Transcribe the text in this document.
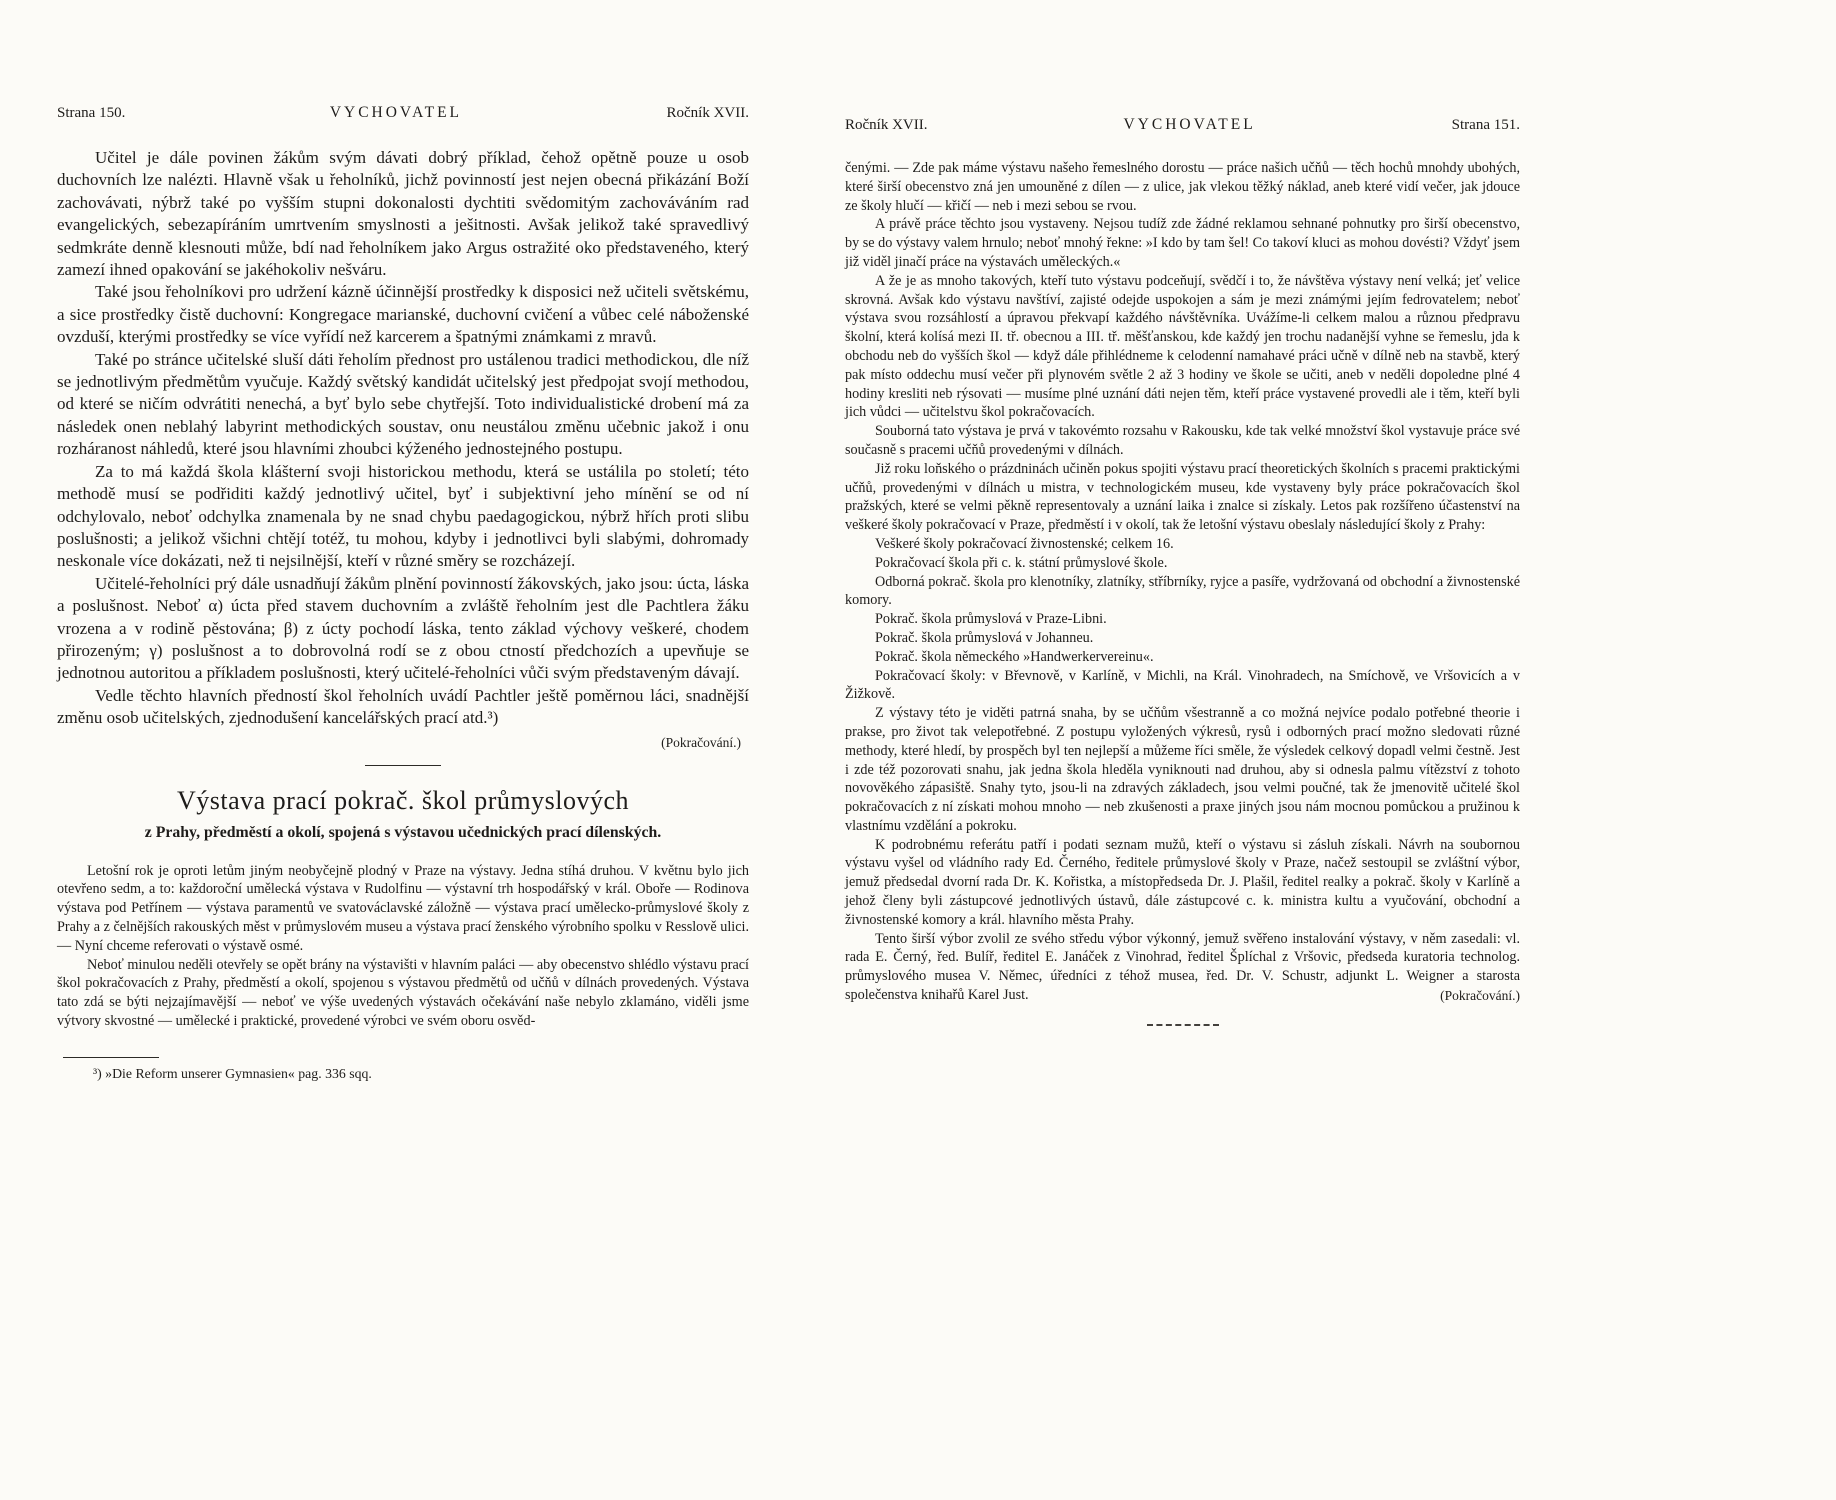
Strana 150.	VYCHOVATEL	Ročník XVII.

Učitel je dále povinen žákům svým dávati dobrý příklad, čehož opětně pouze u osob duchovních lze nalézti. Hlavně však u řeholníků, jichž povinností jest nejen obecná přikázání Boží zachovávati, nýbrž také po vyšším stupni dokonalosti dychtiti svědomitým zachováváním rad evangelických, sebezapíráním umrtvením smyslnosti a ješitnosti. Avšak jelikož také spravedlivý sedmkráte denně klesnouti může, bdí nad řeholníkem jako Argus ostražité oko představeného, který zamezí ihned opakování se jakéhokoliv nešváru.

Také jsou řeholníkovi pro udržení kázně účinnější prostředky k disposici než učiteli světskému, a sice prostředky čistě duchovní: Kongregace marianské, duchovní cvičení a vůbec celé náboženské ovzduší, kterými prostředky se více vyřídí než karcerem a špatnými známkami z mravů.

Také po stránce učitelské sluší dáti řeholím přednost pro ustálenou tradici methodickou, dle níž se jednotlivým předmětům vyučuje. Každý světský kandidát učitelský jest předpojat svojí methodou, od které se ničím odvrátiti nenechá, a byť bylo sebe chytřejší. Toto individualistické drobení má za následek onen neblahý labyrint methodických soustav, onu neustálou změnu učebnic jakož i onu rozháranost náhledů, které jsou hlavními zhoubci kýženého jednostejného postupu.

Za to má každá škola klášterní svoji historickou methodu, která se ustálila po století; této methodě musí se podřiditi každý jednotlivý učitel, byť i subjektivní jeho mínění se od ní odchylovalo, neboť odchylka znamenala by ne snad chybu paedagogickou, nýbrž hřích proti slibu poslušnosti; a jelikož všichni chtějí totéž, tu mohou, kdyby i jednotlivci byli slabými, dohromady neskonale více dokázati, než ti nejsilnější, kteří v různé směry se rozcházejí.

Učitelé-řeholníci prý dále usnadňují žákům plnění povinností žákovských, jako jsou: úcta, láska a poslušnost. Neboť α) úcta před stavem duchovním a zvláště řeholním jest dle Pachtlera žáku vrozena a v rodině pěstována; β) z úcty pochodí láska, tento základ výchovy veškeré, chodem přirozeným; γ) poslušnost a to dobrovolná rodí se z obou ctností předchozích a upevňuje se jednotnou autoritou a příkladem poslušnosti, který učitelé-řeholníci vůči svým představeným dávají.

Vedle těchto hlavních předností škol řeholních uvádí Pachtler ještě poměrnou láci, snadnější změnu osob učitelských, zjednodušení kancelářských prací atd.³)

(Pokračování.)
Výstava prací pokrač. škol průmyslových
z Prahy, předměstí a okolí, spojená s výstavou učednických prací dílenských.

Letošní rok je oproti letům jiným neobyčejně plodný v Praze na výstavy. Jedna stíhá druhou. V květnu bylo jich otevřeno sedm, a to: každoroční umělecká výstava v Rudolfinu — výstavní trh hospodářský v král. Oboře — Rodinova výstava pod Petřínem — výstava paramentů ve svatováclavské záložně — výstava prací umělecko-průmyslové školy z Prahy a z čelnějších rakouských měst v průmyslovém museu a výstava prací ženského výrobního spolku v Resslově ulici. — Nyní chceme referovati o výstavě osmé.

Neboť minulou neděli otevřely se opět brány na výstavišti v hlavním paláci — aby obecenstvo shlédlo výstavu prací škol pokračovacích z Prahy, předměstí a okolí, spojenou s výstavou předmětů od učňů v dílnách provedených. Výstava tato zdá se býti nejzajímavější — neboť ve výše uvedených výstavách očekávání naše nebylo zklamáno, viděli jsme výtvory skvostné — umělecké i praktické, provedené výrobci ve svém oboru osvěd-

³) »Die Reform unserer Gymnasien« pag. 336 sqq.
Ročník XVII.	VYCHOVATEL	Strana 151.

čenými. — Zde pak máme výstavu našeho řemeslného dorostu — práce našich učňů — těch hochů mnohdy ubohých, které širší obecenstvo zná jen umouněné z dílen — z ulice, jak vlekou těžký náklad, aneb které vidí večer, jak jdouce ze školy hlučí — křičí — neb i mezi sebou se rvou.

A právě práce těchto jsou vystaveny. Nejsou tudíž zde žádné reklamou sehnané pohnutky pro širší obecenstvo, by se do výstavy valem hrnulo; neboť mnohý řekne: »I kdo by tam šel! Co takoví kluci as mohou dovésti? Vždyť jsem již viděl jinačí práce na výstavách uměleckých.«

A že je as mnoho takových, kteří tuto výstavu podceňují, svědčí i to, že návštěva výstavy není velká; jeť velice skrovná. Avšak kdo výstavu navštíví, zajisté odejde uspokojen a sám je mezi známými jejím fedrovatelem; neboť výstava svou rozsáhlostí a úpravou překvapí každého návštěvníka. Uvážíme-li celkem malou a různou předpravu školní, která kolísá mezi II. tř. obecnou a III. tř. měšťanskou, kde každý jen trochu nadanější vyhne se řemeslu, jda k obchodu neb do vyšších škol — když dále přihlédneme k celodenní namahavé práci učně v dílně neb na stavbě, který pak místo oddechu musí večer při plynovém světle 2 až 3 hodiny ve škole se učiti, aneb v neděli dopoledne plné 4 hodiny kresliti neb rýsovati — musíme plné uznání dáti nejen těm, kteří práce vystavené provedli ale i těm, kteří byli jich vůdci — učitelstvu škol pokračovacích.

Souborná tato výstava je prvá v takovémto rozsahu v Rakousku, kde tak velké množství škol vystavuje práce své současně s pracemi učňů provedenými v dílnách.

Již roku loňského o prázdninách učiněn pokus spojiti výstavu prací theoretických školních s pracemi praktickými učňů, provedenými v dílnách u mistra, v technologickém museu, kde vystaveny byly práce pokračovacích škol pražských, které se velmi pěkně representovaly a uznání laika i znalce si získaly. Letos pak rozšířeno účastenství na veškeré školy pokračovací v Praze, předměstí i v okolí, tak že letošní výstavu obeslaly následující školy z Prahy:

Veškeré školy pokračovací živnostenské; celkem 16.

Pokračovací škola při c. k. státní průmyslové škole.

Odborná pokrač. škola pro klenotníky, zlatníky, stříbrníky, ryjce a pasíře, vydržovaná od obchodní a živnostenské komory.

Pokrač. škola průmyslová v Praze-Libni.

Pokrač. škola průmyslová v Johanneu.

Pokrač. škola německého »Handwerkervereinu«.

Pokračovací školy: v Břevnově, v Karlíně, v Michli, na Král. Vinohradech, na Smíchově, ve Vršovicích a v Žižkově.

Z výstavy této je viděti patrná snaha, by se učňům všestranně a co možná nejvíce podalo potřebné theorie i prakse, pro život tak velepotřebné. Z postupu vyložených výkresů, rysů i odborných prací možno sledovati různé methody, které hledí, by prospěch byl ten nejlepší a můžeme říci směle, že výsledek celkový dopadl velmi čestně. Jest i zde též pozorovati snahu, jak jedna škola hleděla vyniknouti nad druhou, aby si odnesla palmu vítězství z tohoto novověkého zápasiště. Snahy tyto, jsou-li na zdravých základech, jsou velmi poučné, tak že jmenovitě učitelé škol pokračovacích z ní získati mohou mnoho — neb zkušenosti a praxe jiných jsou nám mocnou pomůckou a pružinou k vlastnímu vzdělání a pokroku.

K podrobnému referátu patří i podati seznam mužů, kteří o výstavu si zásluh získali. Návrh na soubornou výstavu vyšel od vládního rady Ed. Černého, ředitele průmyslové školy v Praze, načež sestoupil se zvláštní výbor, jemuž předsedal dvorní rada Dr. K. Kořistka, a místopředseda Dr. J. Plašil, ředitel realky a pokrač. školy v Karlíně a jehož členy byli zástupcové jednotlivých ústavů, dále zástupcové c. k. ministra kultu a vyučování, obchodní a živnostenské komory a král. hlavního města Prahy.

Tento širší výbor zvolil ze svého středu výbor výkonný, jemuž svěřeno instalování výstavy, v něm zasedali: vl. rada E. Černý, řed. Bulíř, ředitel E. Janáček z Vinohrad, ředitel Šplíchal z Vršovic, předseda kuratoria technolog. průmyslového musea V. Němec, úředníci z téhož musea, řed. Dr. V. Schustr, adjunkt L. Weigner a starosta společenstva knihařů Karel Just.	(Pokračování.)
